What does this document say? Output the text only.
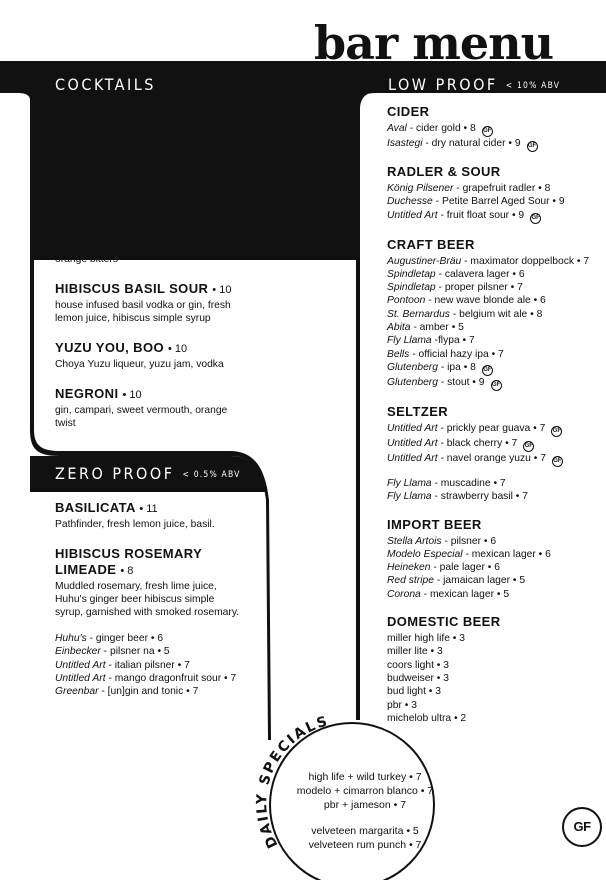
bar menu
COCKTAILS	LOW PROOF < 10% ABV
ZERO PROOF < 0.5% ABV
AVIATION • 11
gin, fresh lemon, creme de violette, mar-
aschino liqueur
ROSEMERRY & BRIGHT • 11
house infused rosemary gin, house
hibiscus syrup, fresh lemon juice
OLD FASHIONED • 9
g&w 3 year bourbon, sugar, angostura,
orange bitters
HIBISCUS BASIL SOUR • 10
house infused basil vodka or gin, fresh
lemon juice, hibiscus simple syrup
YUZU YOU, BOO • 10
Choya Yuzu liqueur, yuzu jam, vodka
NEGRONI • 10
gin, campari, sweet vermouth, orange
twist
BASILICATA • 11
Pathfinder, fresh lemon juice, basil.
HIBISCUS ROSEMARY
LIMEADE • 8
Muddled rosemary, fresh lime juice,
Huhu's ginger beer hibiscus simple
syrup, garnished with smoked rosemary.
Huhu's - ginger beer • 6
Einbecker - pilsner na • 5
Untitled Art - italian pilsner • 7
Untitled Art - mango dragonfruit sour • 7
Greenbar - [un]gin and tonic • 7
CIDER
Aval - cider gold • 8 GF
Isastegi - dry natural cider • 9 GF
RADLER & SOUR
König Pilsener - grapefruit radler • 8
Duchesse - Petite Barrel Aged Sour • 9
Untitled Art - fruit float sour • 9 GF
CRAFT BEER
Augustiner-Bräu - maximator doppelbock • 7
Spindletap - calavera lager • 6
Spindletap - proper pilsner • 7
Pontoon - new wave blonde ale • 6
St. Bernardus - belgium wit ale • 8
Abita - amber • 5
Fly Llama -flypa • 7
Bells - official hazy ipa • 7
Glutenberg - ipa • 8 GF
Glutenberg - stout • 9 GF
SELTZER
Untitled Art - prickly pear guava • 7 GF
Untitled Art - black cherry • 7 GF
Untitled Art - navel orange yuzu • 7 GF
Fly Llama - muscadine • 7
Fly Llama - strawberry basil • 7
IMPORT BEER
Stella Artois - pilsner • 6
Modelo Especial - mexican lager • 6
Heineken - pale lager • 6
Red stripe - jamaican lager • 5
Corona - mexican lager • 5
DOMESTIC BEER
miller high life • 3
miller lite • 3
coors light • 3
budweiser • 3
bud light • 3
pbr • 3
michelob ultra • 2
DAILY SPECIALS
high life + wild turkey • 7
modelo + cimarron blanco • 7
pbr + jameson • 7
velveteen margarita • 5
velveteen rum punch • 7
GF
